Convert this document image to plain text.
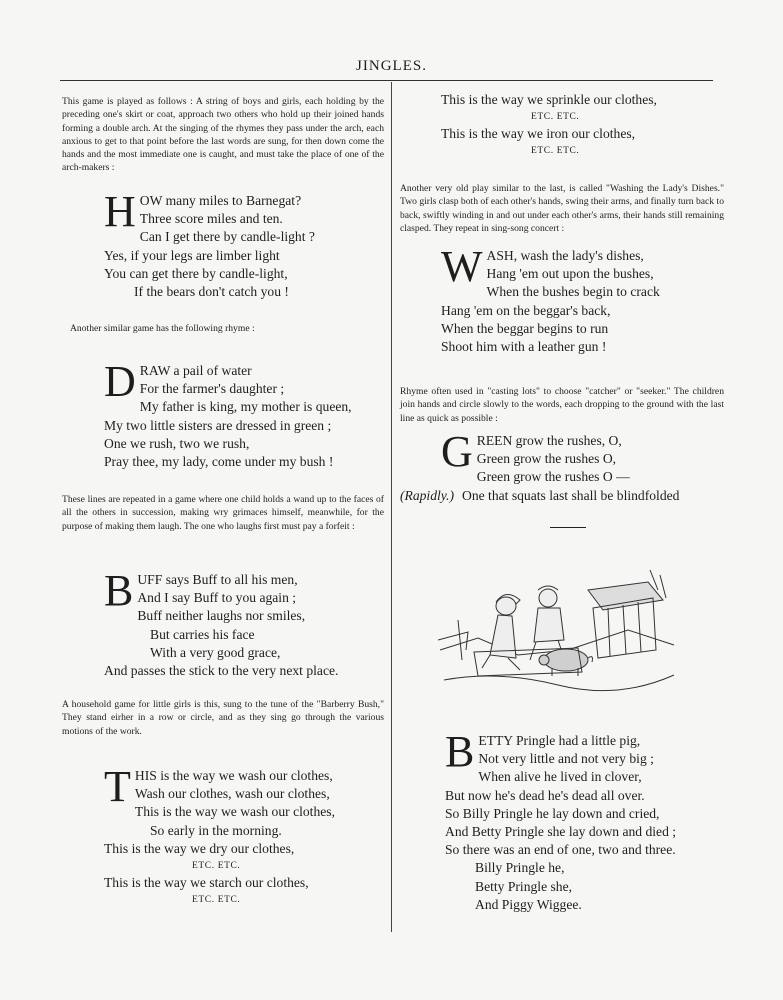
JINGLES.
This game is played as follows : A string of boys and girls, each holding by the preceding one's skirt or coat, approach two others who hold up their joined hands forming a double arch. At the singing of the rhymes they pass under the arch, each anxious to get to that point before the last words are sung, for then down come the hands and the most immediate one is caught, and must take the place of one of the arch-makers :
H OW many miles to Barnegat?
Three score miles and ten.
Can I get there by candle-light ?
Yes, if your legs are limber light
You can get there by candle-light,
If the bears don't catch you !
Another similar game has the following rhyme :
D RAW a pail of water
For the farmer's daughter ;
My father is king, my mother is queen,
My two little sisters are dressed in green ;
One we rush, two we rush,
Pray thee, my lady, come under my bush !
These lines are repeated in a game where one child holds a wand up to the faces of all the others in succession, making wry grimaces himself, meanwhile, for the purpose of making them laugh. The one who laughs first must pay a forfeit :
B UFF says Buff to all his men,
And I say Buff to you again ;
Buff neither laughs nor smiles,
But carries his face
With a very good grace,
And passes the stick to the very next place.
A household game for little girls is this, sung to the tune of the "Barberry Bush," They stand eirher in a row or circle, and as they sing go through the various motions of the work.
T HIS is the way we wash our clothes,
Wash our clothes, wash our clothes,
This is the way we wash our clothes,
So early in the morning.
This is the way we dry our clothes,
ETC. ETC.
This is the way we starch our clothes,
ETC. ETC.
This is the way we sprinkle our clothes,
ETC. ETC.
This is the way we iron our clothes,
ETC. ETC.
Another very old play similar to the last, is called "Washing the Lady's Dishes." Two girls clasp both of each other's hands, swing their arms, and finally turn back to back, swiftly winding in and out under each other's arms, their hands still remaining clasped. They repeat in sing-song concert :
W ASH, wash the lady's dishes,
Hang 'em out upon the bushes,
When the bushes begin to crack
Hang 'em on the beggar's back,
When the beggar begins to run
Shoot him with a leather gun !
Rhyme often used in "casting lots" to choose "catcher" or "seeker." The children join hands and circle slowly to the words, each dropping to the ground with the last line as quick as possible :
G REEN grow the rushes, O,
Green grow the rushes O,
Green grow the rushes O —
(Rapidly.) One that squats last shall be blindfolded
B ETTY Pringle had a little pig,
Not very little and not very big ;
When alive he lived in clover,
But now he's dead he's dead all over.
So Billy Pringle he lay down and cried,
And Betty Pringle she lay down and died ;
So there was an end of one, two and three.
Billy Pringle he,
Betty Pringle she,
And Piggy Wiggee.
